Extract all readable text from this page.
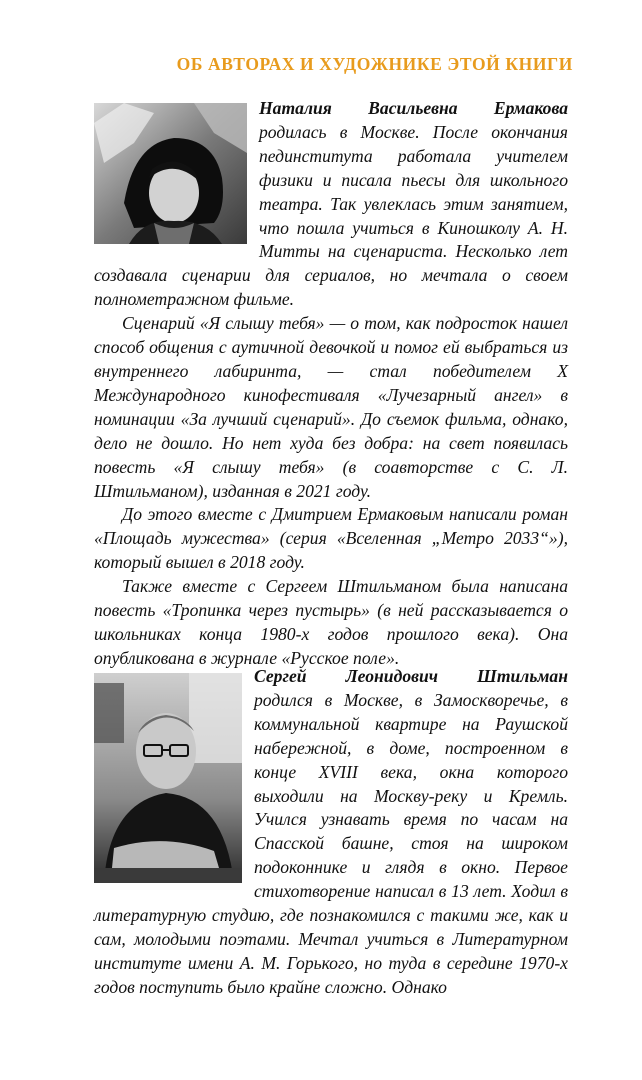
ОБ АВТОРАХ И ХУДОЖНИКЕ ЭТОЙ КНИГИ

Наталия Васильевна Ермакова
родилась в Москве. После окончания пединститута работала учителем физики и писала пьесы для школьного театра. Так увлеклась этим занятием, что пошла учиться в Киношколу А. Н. Митты на сценариста. Несколько лет создавала сценарии для сериалов, но мечтала о своем полнометражном фильме.

Сценарий «Я слышу тебя» — о том, как подросток нашел способ общения с аутичной девочкой и помог ей выбраться из внутреннего лабиринта, — стал победителем X Международного кинофестиваля «Лучезарный ангел» в номинации «За лучший сценарий». До съемок фильма, однако, дело не дошло. Но нет худа без добра: на свет появилась повесть «Я слышу тебя» (в соавторстве с С. Л. Штильманом), изданная в 2021 году.

До этого вместе с Дмитрием Ермаковым написали роман «Площадь мужества» (серия «Вселенная „Метро 2033“»), который вышел в 2018 году.

Также вместе с Сергеем Штильманом была написана повесть «Тропинка через пустырь» (в ней рассказывается о школьниках конца 1980-х годов прошлого века). Она опубликована в журнале «Русское поле».

Сергей Леонидович Штильман
родился в Москве, в Замоскворечье, в коммунальной квартире на Раушской набережной, в доме, построенном в конце XVIII века, окна которого выходили на Москву-реку и Кремль. Учился узнавать время по часам на Спасской башне, стоя на широком подоконнике и глядя в окно. Первое стихотворение написал в 13 лет. Ходил в литературную студию, где познакомился с такими же, как и сам, молодыми поэтами. Мечтал учиться в Литературном институте имени А. М. Горького, но туда в середине 1970-х годов поступить было крайне сложно. Однако
